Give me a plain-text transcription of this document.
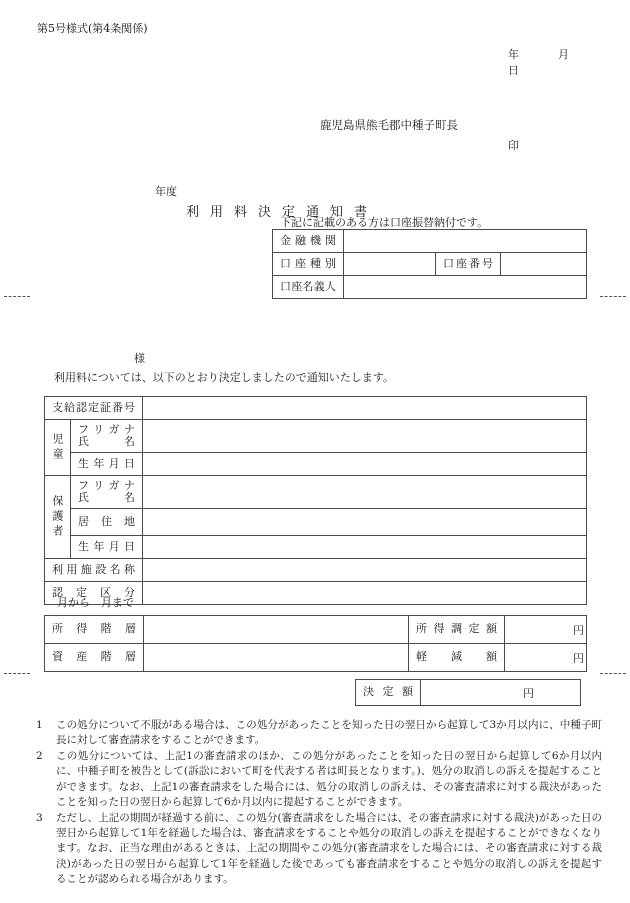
第5号様式(第4条関係)
年　月　日
鹿児島県熊毛郡中種子町長
印
年度
利用料決定通知書
下記に記載のある方は口座振替納付です。
金融機関			

口座種別		口座番号	

口座名義人			

様
利用料については、以下のとおり決定しましたので通知いたします。
支給認定証番号		

児童	フリガナ
氏　　名	

	生年月日	

保護者	フリガナ
氏　　名	

	居住地	

	生年月日	

利用施設名称		

認定区分		

月から　月まで
所得階層		所得調定額	円

資産階層		軽減額	円
決定額	円
1	この処分について不服がある場合は、この処分があったことを知った日の翌日から起算して3か月以内に、中種子町長に対して審査請求をすることができます。
2	この処分については、上記1の審査請求のほか、この処分があったことを知った日の翌日から起算して6か月以内に、中種子町を被告として(訴訟において町を代表する者は町長となります。)、処分の取消しの訴えを提起することができます。なお、上記1の審査請求をした場合には、処分の取消しの訴えは、その審査請求に対する裁決があったことを知った日の翌日から起算して6か月以内に提起することができます。
3	ただし、上記の期間が経過する前に、この処分(審査請求をした場合には、その審査請求に対する裁決)があった日の翌日から起算して1年を経過した場合は、審査請求をすることや処分の取消しの訴えを提起することができなくなります。なお、正当な理由があるときは、上記の期間やこの処分(審査請求をした場合には、その審査請求に対する裁決)があった日の翌日から起算して1年を経過した後であっても審査請求をすることや処分の取消しの訴えを提起することが認められる場合があります。
